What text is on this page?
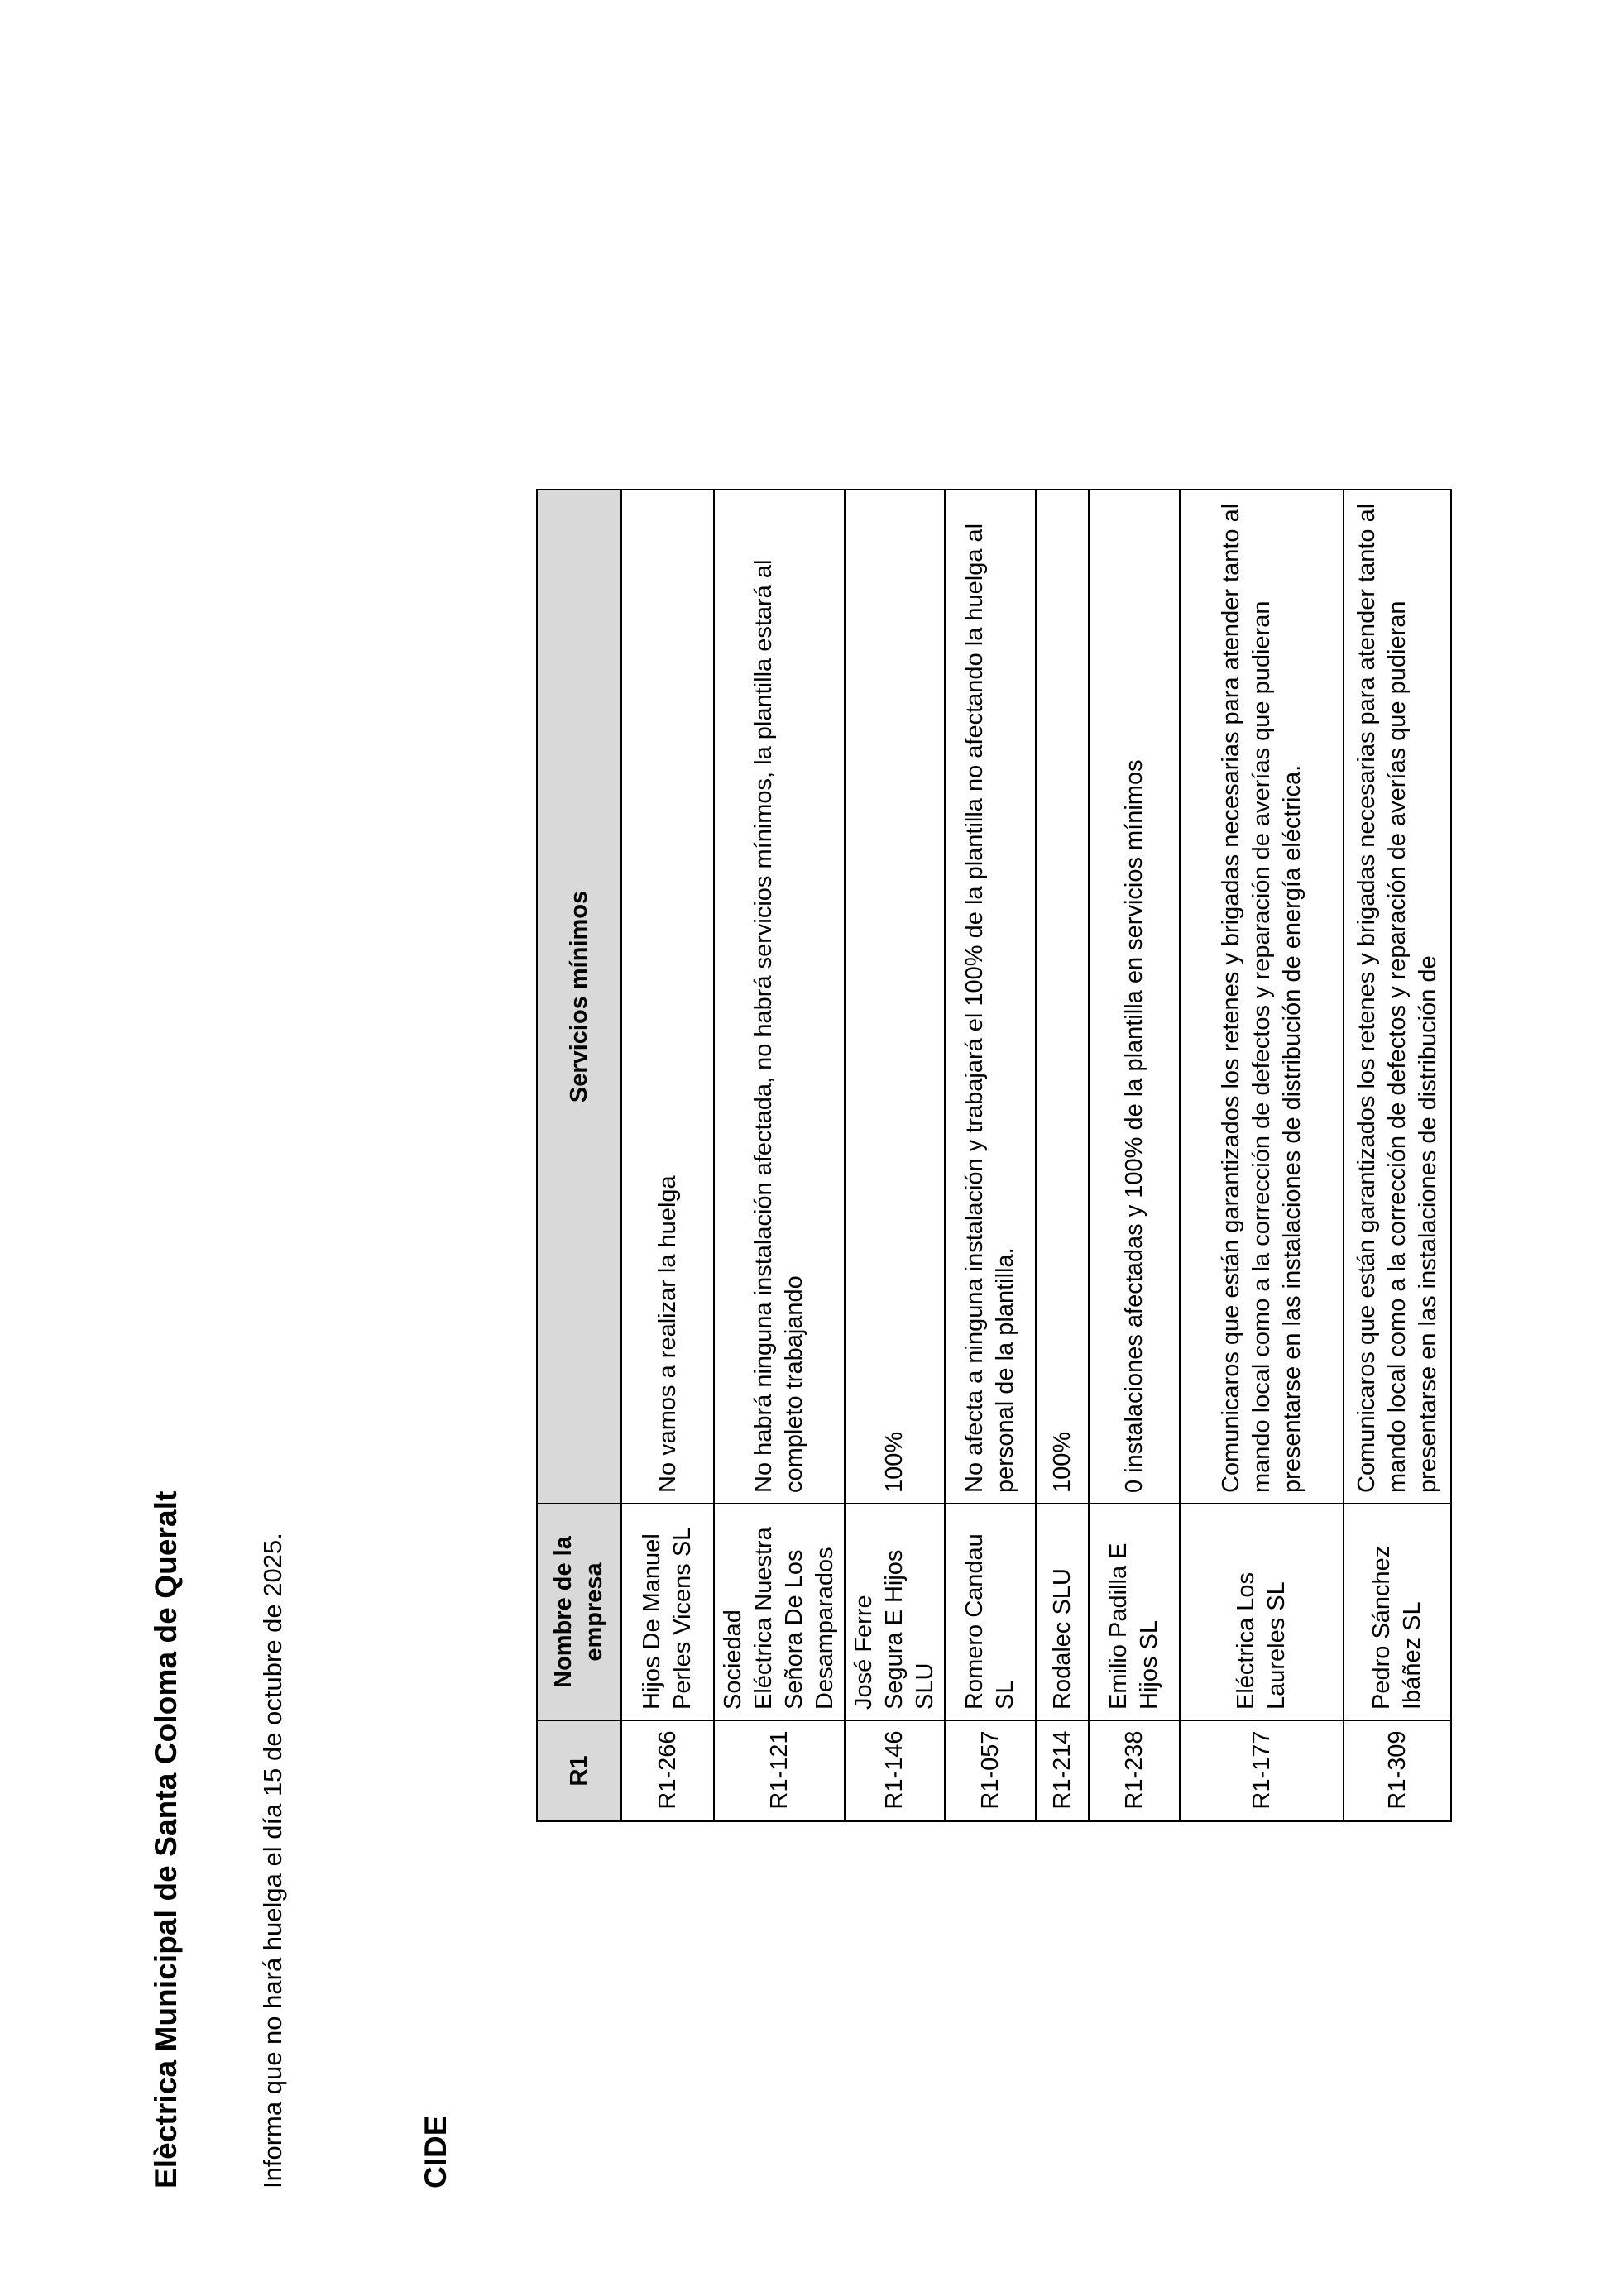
Elèctrica Municipal de Santa Coloma de Queralt	Informa que no hará huelga el día 15 de octubre de 2025.	CIDE
R1	Nombre de la empresa	Servicios mínimos
R1-266	Hijos De Manuel Perles Vicens SL	No vamos a realizar la huelga
R1-121	Sociedad Eléctrica Nuestra Señora De Los Desamparados	No habrá ninguna instalación afectada, no habrá servicios mínimos, la plantilla estará al completo trabajando
R1-146	José Ferre Segura E Hijos SLU	100%
R1-057	Romero Candau SL	No afecta a ninguna instalación y trabajará el 100% de la plantilla no afectando la huelga al personal de la plantilla.
R1-214	Rodalec SLU	100%
R1-238	Emilio Padilla E Hijos SL	0 instalaciones afectadas y 100% de la plantilla en servicios mínimos
R1-177	Eléctrica Los Laureles SL	Comunicaros que están garantizados los retenes y brigadas necesarias para atender tanto al mando local como a la corrección de defectos y reparación de averías que pudieran presentarse en las instalaciones de distribución de energía eléctrica.
R1-309	Pedro Sánchez Ibáñez SL	Comunicaros que están garantizados los retenes y brigadas necesarias para atender tanto al mando local como a la corrección de defectos y reparación de averías que pudieran presentarse en las instalaciones de distribución de
